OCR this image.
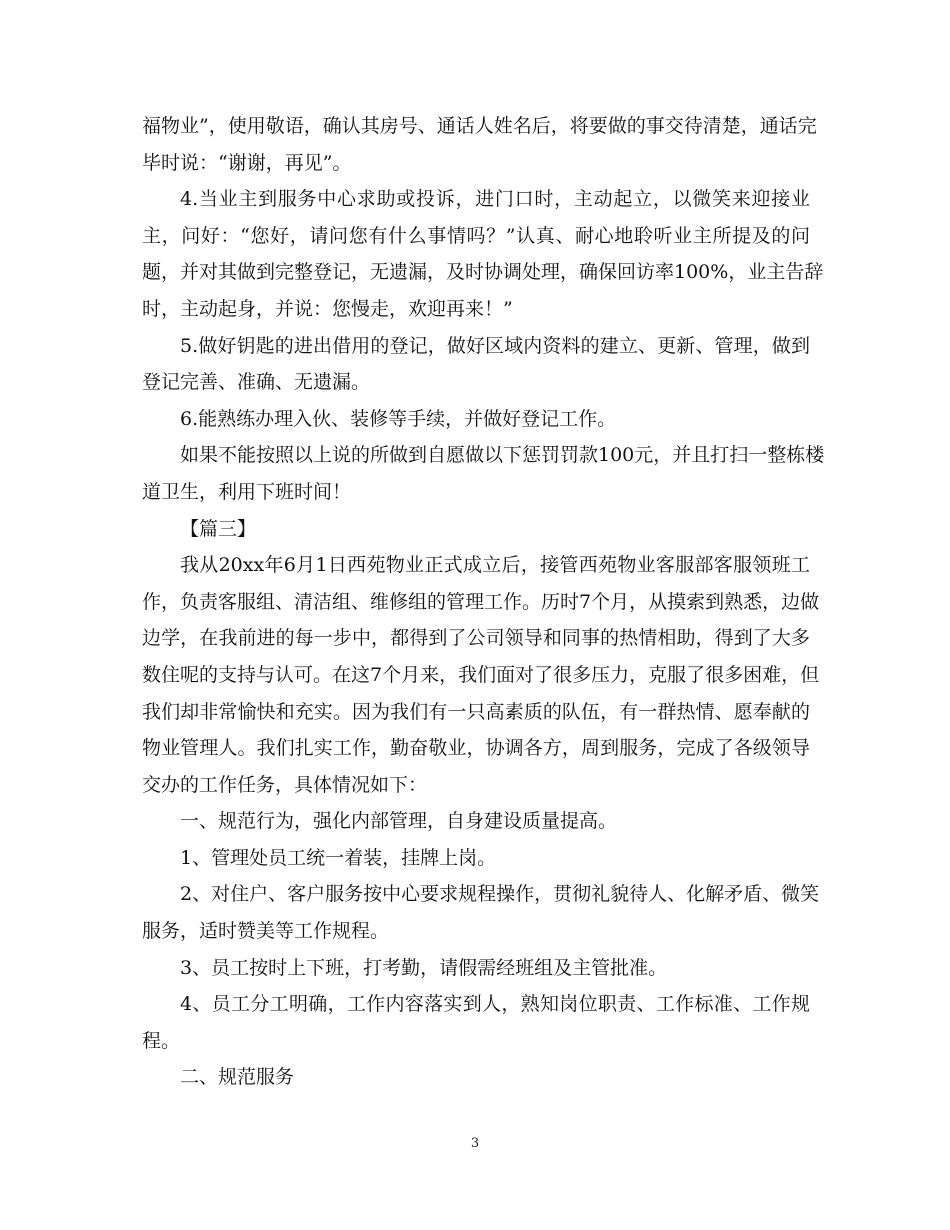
福物业”，使用敬语，确认其房号、通话人姓名后，将要做的事交待清楚，通话完
毕时说：“谢谢，再见”。
4.当业主到服务中心求助或投诉，进门口时，主动起立，以微笑来迎接业
主，问好：“您好，请问您有什么事情吗？”认真、耐心地聆听业主所提及的问
题，并对其做到完整登记，无遗漏，及时协调处理，确保回访率100%，业主告辞
时，主动起身，并说：您慢走，欢迎再来！”
5.做好钥匙的进出借用的登记，做好区域内资料的建立、更新、管理，做到
登记完善、准确、无遗漏。
6.能熟练办理入伙、装修等手续，并做好登记工作。
如果不能按照以上说的所做到自愿做以下惩罚罚款100元，并且打扫一整栋楼
道卫生，利用下班时间！
【篇三】
我从20xx年6月1日西苑物业正式成立后，接管西苑物业客服部客服领班工
作，负责客服组、清洁组、维修组的管理工作。历时7个月，从摸索到熟悉，边做
边学，在我前进的每一步中，都得到了公司领导和同事的热情相助，得到了大多
数住呢的支持与认可。在这7个月来，我们面对了很多压力，克服了很多困难，但
我们却非常愉快和充实。因为我们有一只高素质的队伍，有一群热情、愿奉献的
物业管理人。我们扎实工作，勤奋敬业，协调各方，周到服务，完成了各级领导
交办的工作任务，具体情况如下：
一、规范行为，强化内部管理，自身建设质量提高。
1、管理处员工统一着装，挂牌上岗。
2、对住户、客户服务按中心要求规程操作，贯彻礼貌待人、化解矛盾、微笑
服务，适时赞美等工作规程。
3、员工按时上下班，打考勤，请假需经班组及主管批准。
4、员工分工明确，工作内容落实到人，熟知岗位职责、工作标准、工作规
程。
二、规范服务
3
